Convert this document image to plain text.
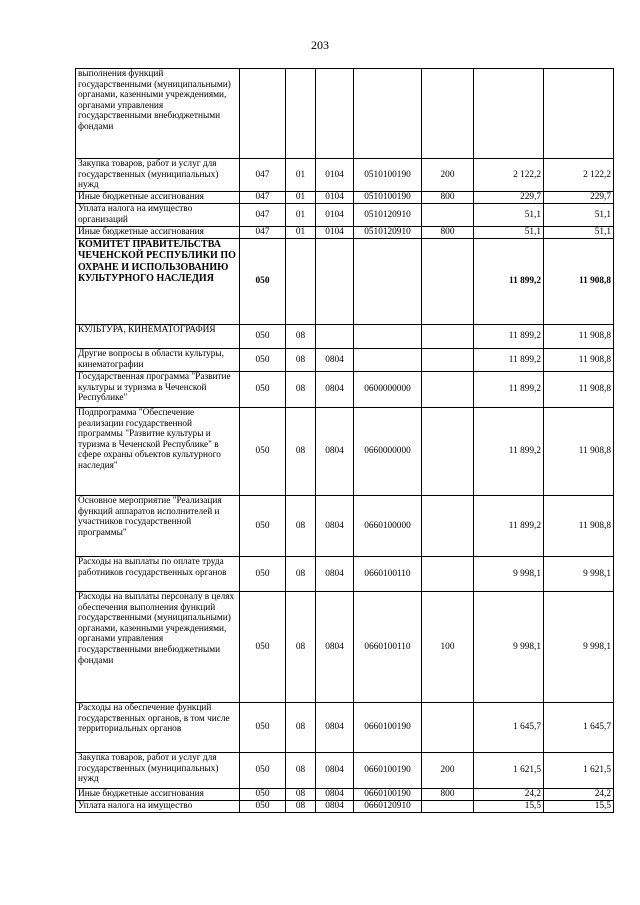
203
выполнения функций государственными (муниципальными) органами, казенными учреждениями, органами управления государственными внебюджетными фондами							
Закупка товаров, работ и услуг для государственных (муниципальных) нужд	047	01	0104	0510100190	200	2 122,2	2 122,2
Иные бюджетные ассигнования	047	01	0104	0510100190	800	229,7	229,7
Уплата налога на имущество организаций	047	01	0104	0510120910		51,1	51,1
Иные бюджетные ассигнования	047	01	0104	0510120910	800	51,1	51,1
КОМИТЕТ ПРАВИТЕЛЬСТВА ЧЕЧЕНСКОЙ РЕСПУБЛИКИ ПО ОХРАНЕ И ИСПОЛЬЗОВАНИЮ КУЛЬТУРНОГО НАСЛЕДИЯ	050					11 899,2	11 908,8
КУЛЬТУРА, КИНЕМАТОГРАФИЯ	050	08				11 899,2	11 908,8
Другие вопросы в области культуры, кинематографии	050	08	0804			11 899,2	11 908,8
Государственная программа "Развитие культуры и туризма в Чеченской Республике"	050	08	0804	0600000000		11 899,2	11 908,8
Подпрограмма "Обеспечение реализации государственной программы "Развитие культуры и туризма в Чеченской Республике" в сфере охраны объектов культурного наследия"	050	08	0804	0660000000		11 899,2	11 908,8
Основное мероприятие "Реализация функций аппаратов исполнителей и участников государственной программы"	050	08	0804	0660100000		11 899,2	11 908,8
Расходы на выплаты по оплате труда работников государственных органов	050	08	0804	0660100110		9 998,1	9 998,1
Расходы на выплаты персоналу в целях обеспечения выполнения функций государственными (муниципальными) органами, казенными учреждениями, органами управления государственными внебюджетными фондами	050	08	0804	0660100110	100	9 998,1	9 998,1
Расходы на обеспечение функций государственных органов, в том числе территориальных органов	050	08	0804	0660100190		1 645,7	1 645,7
Закупка товаров, работ и услуг для государственных (муниципальных) нужд	050	08	0804	0660100190	200	1 621,5	1 621,5
Иные бюджетные ассигнования	050	08	0804	0660100190	800	24,2	24,2
Уплата налога на имущество	050	08	0804	0660120910		15,5	15,5
